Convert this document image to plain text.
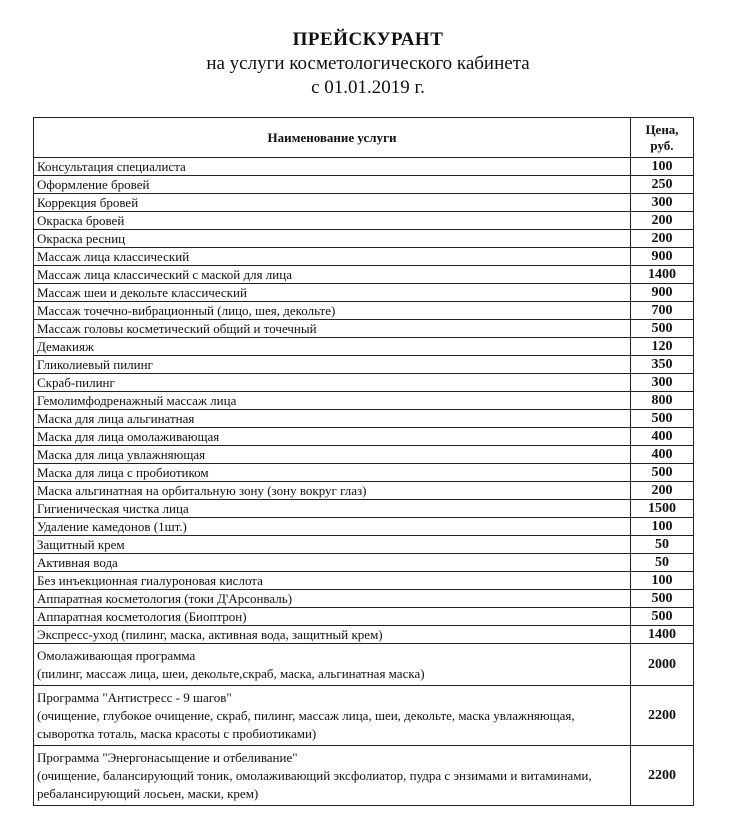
ПРЕЙСКУРАНТ
на услуги косметологического кабинета
с 01.01.2019 г.
Наименование услуги	Цена, руб.
Консультация специалиста	100
Оформление бровей	250
Коррекция бровей	300
Окраска бровей	200
Окраска ресниц	200
Массаж лица классический	900
Массаж лица классический с маской для лица	1400
Массаж шеи и декольте классический	900
Массаж точечно-вибрационный (лицо, шея, декольте)	700
Массаж головы косметический общий и точечный	500
Демакияж	120
Гликолиевый пилинг	350
Скраб-пилинг	300
Гемолимфодренажный массаж лица	800
Маска для лица альгинатная	500
Маска для лица омолаживающая	400
Маска для лица увлажняющая	400
Маска для лица с пробиотиком	500
Маска альгинатная на орбитальную зону (зону вокруг глаз)	200
Гигиеническая чистка лица	1500
Удаление камедонов (1шт.)	100
Защитный крем	50
Активная вода	50
Без инъекционная гиалуроновая кислота	100
Аппаратная косметология (токи Д'Арсонваль)	500
Аппаратная косметология (Биоптрон)	500
Экспресс-уход (пилинг, маска, активная вода, защитный крем)	1400

Омолаживающая программа
(пилинг, массаж лица, шеи, декольте,скраб, маска, альгинатная маска)	2000

Программа "Антистресс - 9 шагов"
(очищение, глубокое очищение, скраб, пилинг, массаж лица, шеи, декольте, маска увлажняющая, сыворотка тоталь, маска красоты с пробиотиками)	2200

Программа "Энергонасыщение и отбеливание"
(очищение, балансирующий тоник, омолаживающий эксфолиатор, пудра с энзимами и витаминами, ребалансирующий лосьен, маски, крем)	2200
